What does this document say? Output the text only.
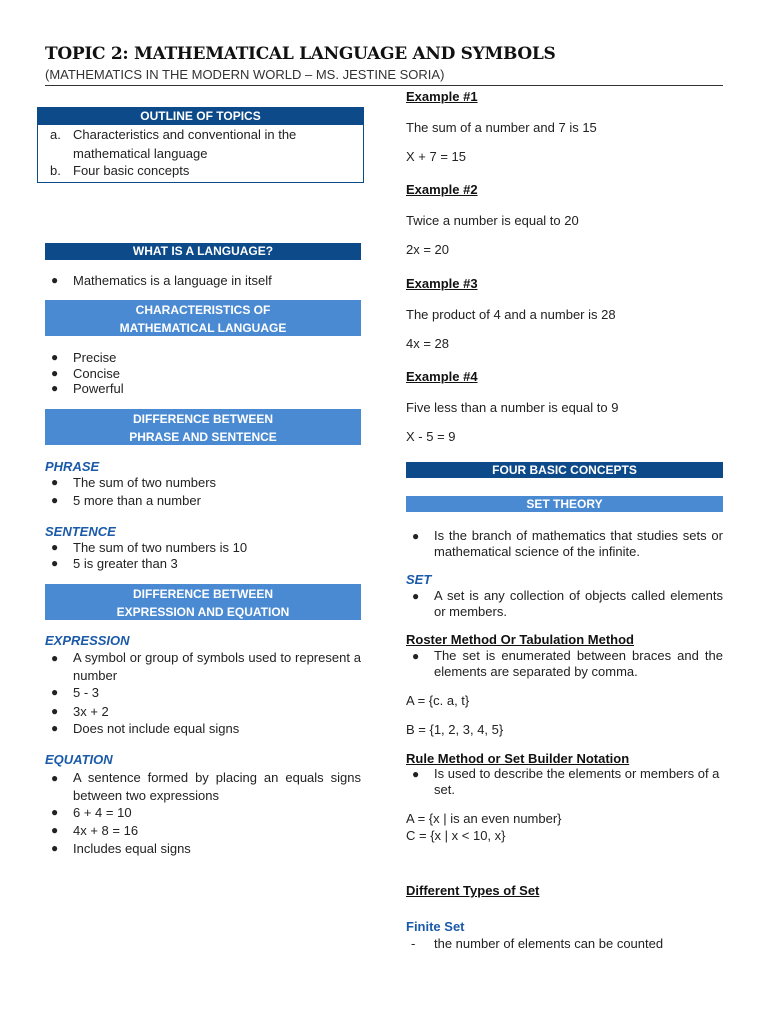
TOPIC 2: MATHEMATICAL LANGUAGE AND SYMBOLS
(MATHEMATICS IN THE MODERN WORLD – MS. JESTINE SORIA)
OUTLINE OF TOPICS
a. Characteristics and conventional in the
mathematical language
b. Four basic concepts
WHAT IS A LANGUAGE?
● Mathematics is a language in itself
CHARACTERISTICS OF
MATHEMATICAL LANGUAGE
● Precise
● Concise
● Powerful
DIFFERENCE BETWEEN
PHRASE AND SENTENCE
PHRASE
● The sum of two numbers
● 5 more than a number
SENTENCE
● The sum of two numbers is 10
● 5 is greater than 3
DIFFERENCE BETWEEN
EXPRESSION AND EQUATION
EXPRESSION
● A symbol or group of symbols used to represent a number
● 5 - 3
● 3x + 2
● Does not include equal signs
EQUATION
● A sentence formed by placing an equals signs between two expressions
● 6 + 4 = 10
● 4x + 8 = 16
● Includes equal signs
Example #1
The sum of a number and 7 is 15
X + 7 = 15
Example #2
Twice a number is equal to 20
2x = 20
Example #3
The product of 4 and a number is 28
4x = 28
Example #4
Five less than a number is equal to 9
X - 5 = 9
FOUR BASIC CONCEPTS
SET THEORY
● Is the branch of mathematics that studies sets or mathematical science of the infinite.
SET
● A set is any collection of objects called elements or members.
Roster Method Or Tabulation Method
● The set is enumerated between braces and the elements are separated by comma.
A = {c. a, t}
B = {1, 2, 3, 4, 5}
Rule Method or Set Builder Notation
● Is used to describe the elements or members of a set.
A = {x | is an even number}
C = {x | x < 10, x}
Different Types of Set
Finite Set
- the number of elements can be counted
